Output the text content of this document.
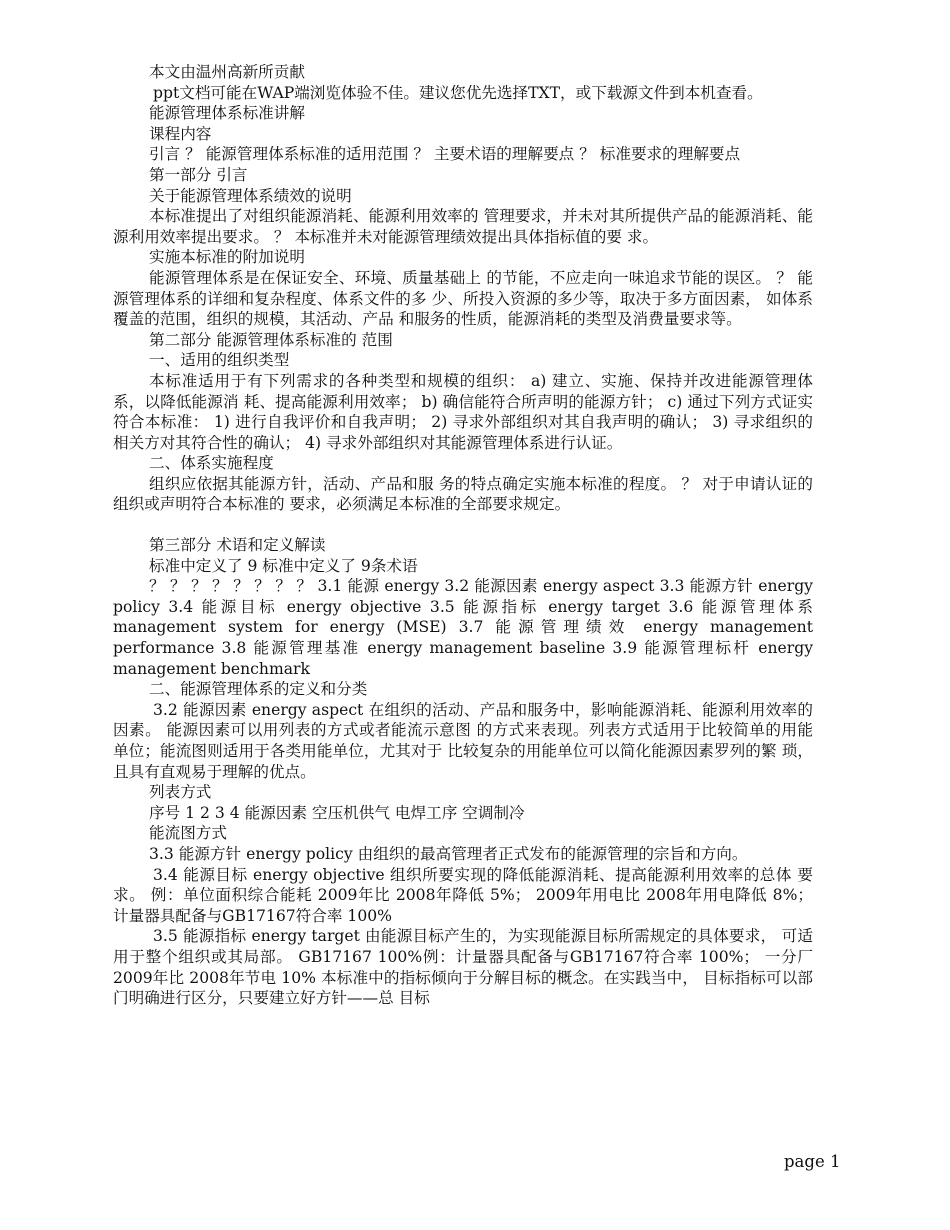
本文由温州高新所贡献

ppt文档可能在WAP端浏览体验不佳。建议您优先选择TXT，或下载源文件到本机查看。

能源管理体系标准讲解

课程内容

引言 ？ 能源管理体系标准的适用范围 ？ 主要术语的理解要点 ？ 标准要求的理解要点

第一部分 引言

关于能源管理体系绩效的说明

本标准提出了对组织能源消耗、能源利用效率的 管理要求，并未对其所提供产品的能源消耗、能 源利用效率提出要求。 ？ 本标准并未对能源管理绩效提出具体指标值的要 求。

实施本标准的附加说明

能源管理体系是在保证安全、环境、质量基础上 的节能，不应走向一味追求节能的误区。 ？ 能源管理体系的详细和复杂程度、体系文件的多 少、所投入资源的多少等，取决于多方面因素， 如体系覆盖的范围，组织的规模，其活动、产品 和服务的性质，能源消耗的类型及消费量要求等。

第二部分 能源管理体系标准的 范围

一、适用的组织类型

本标准适用于有下列需求的各种类型和规模的组织： a) 建立、实施、保持并改进能源管理体系，以降低能源消 耗、提高能源利用效率； b) 确信能符合所声明的能源方针； c) 通过下列方式证实符合本标准： 1) 进行自我评价和自我声明； 2) 寻求外部组织对其自我声明的确认； 3) 寻求组织的相关方对其符合性的确认； 4) 寻求外部组织对其能源管理体系进行认证。

二、体系实施程度

组织应依据其能源方针，活动、产品和服 务的特点确定实施本标准的程度。 ？ 对于申请认证的组织或声明符合本标准的 要求，必须满足本标准的全部要求规定。

第三部分 术语和定义解读

标准中定义了 9 标准中定义了 9条术语

？ ？ ？ ？ ？ ？ ？ ？ 3.1 能源 energy 3.2 能源因素 energy aspect 3.3 能源方针 energy policy 3.4 能源目标 energy objective 3.5 能源指标 energy target 3.6 能源管理体系 management system for energy (MSE) 3.7 能源管理绩效 energy management performance 3.8 能源管理基准 energy management baseline 3.9 能源管理标杆 energy management benchmark

二、能源管理体系的定义和分类

3.2 能源因素 energy aspect 在组织的活动、产品和服务中，影响能源消耗、能源利用效率的因素。 能源因素可以用列表的方式或者能流示意图 的方式来表现。列表方式适用于比较简单的用能 单位；能流图则适用于各类用能单位，尤其对于 比较复杂的用能单位可以简化能源因素罗列的繁 琐，且具有直观易于理解的优点。

列表方式

序号 1 2 3 4 能源因素 空压机供气 电焊工序 空调制冷

能流图方式

3.3 能源方针 energy policy 由组织的最高管理者正式发布的能源管理的宗旨和方向。

3.4 能源目标 energy objective 组织所要实现的降低能源消耗、提高能源利用效率的总体 要求。 例：单位面积综合能耗 2009年比 2008年降低 5%； 2009年用电比 2008年用电降低 8%； 计量器具配备与GB17167符合率 100%

3.5 能源指标 energy target 由能源目标产生的，为实现能源目标所需规定的具体要求， 可适用于整个组织或其局部。 GB17167 100%例：计量器具配备与GB17167符合率 100%； 一分厂 2009年比 2008年节电 10% 本标准中的指标倾向于分解目标的概念。在实践当中， 目标指标可以部门明确进行区分，只要建立好方针——总 目标

page 1
